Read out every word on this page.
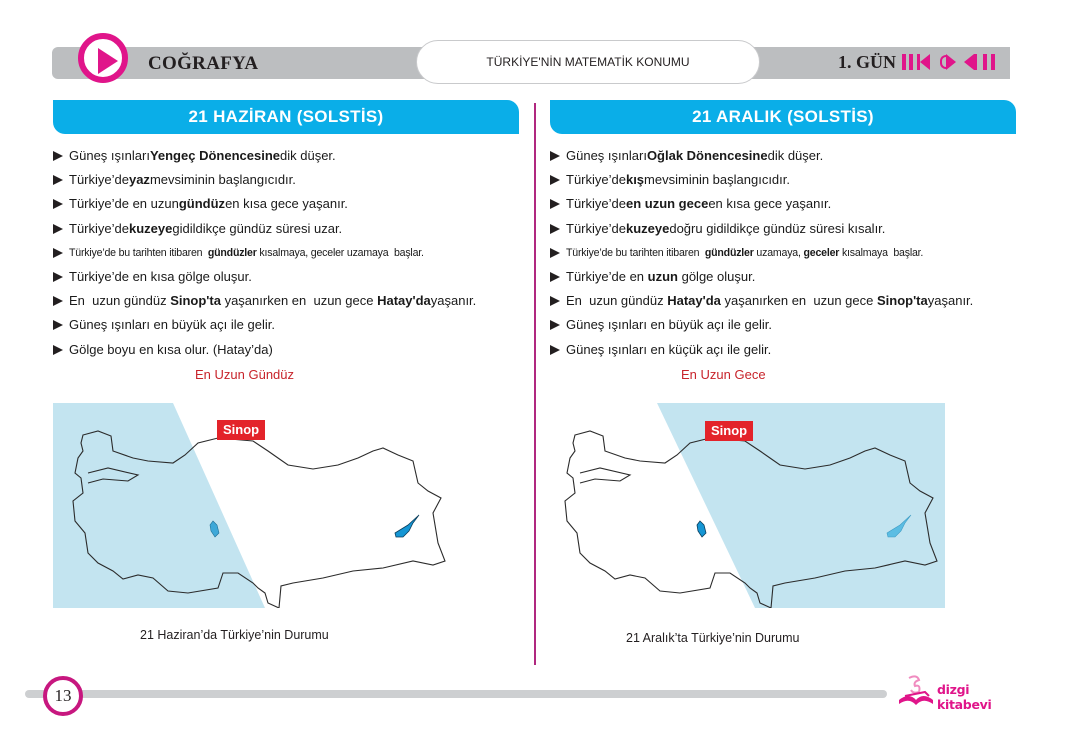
COĞRAFYA	TÜRKİYE'NİN MATEMATİK KONUMU	1. GÜN
21 HAZİRAN (SOLSTİS)
Güneş ışınları Yengeç Dönencesine dik düşer.
Türkiye’de yaz mevsiminin başlangıcıdır.
Türkiye’de en uzun gündüz en kısa gece yaşanır.
Türkiye’de kuzeye gidildikçe gündüz süresi uzar.
Türkiye’de bu tarihten itibaren gündüzler kısalmaya, geceler uzamaya  başlar.
Türkiye’de en kısa gölge oluşur.
En  uzun gündüz Sinop'ta yaşanırken en  uzun gece Hatay'da yaşanır.
Güneş ışınları en büyük açı ile gelir.
Gölge boyu en kısa olur. (Hatay’da)
En Uzun Gündüz
21 ARALIK (SOLSTİS)
Güneş ışınları Oğlak Dönencesine dik düşer.
Türkiye’de kış mevsiminin başlangıcıdır.
Türkiye’de en uzun gece en kısa gece yaşanır.
Türkiye’de kuzeye doğru gidildikçe gündüz süresi kısalır.
Türkiye’de bu tarihten itibaren gündüzler uzamaya, geceler kısalmaya  başlar.
Türkiye’de en uzun gölge oluşur.
En  uzun gündüz Hatay'da yaşanırken en  uzun gece Sinop'ta yaşanır.
Güneş ışınları en büyük açı ile gelir.
Güneş ışınları en küçük açı ile gelir.
En Uzun Gece
Sinop
21 Haziran’da Türkiye’nin Durumu
Sinop
21 Aralık’ta Türkiye’nin Durumu
13	dizgi kitabevi
